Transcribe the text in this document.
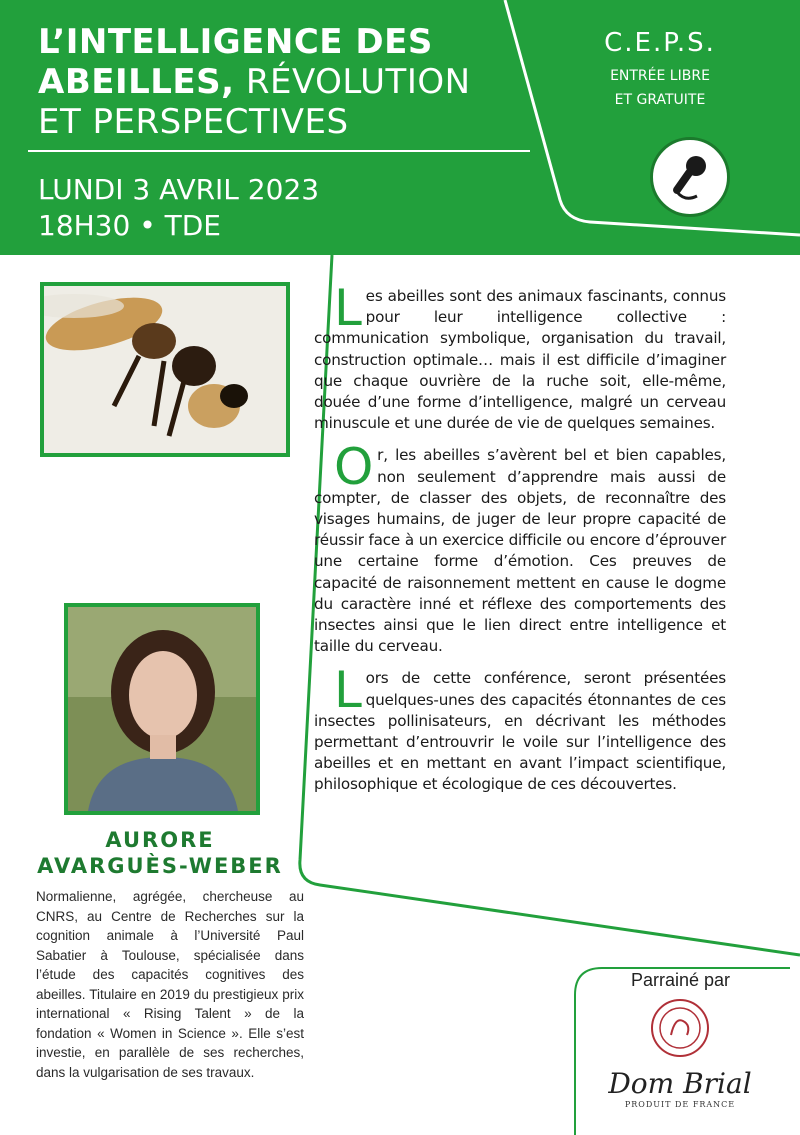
L’INTELLIGENCE DES
ABEILLES, RÉVOLUTION
ET PERSPECTIVES
LUNDI 3 AVRIL 2023
18H30 • TDE
C.E.P.S.
ENTRÉE LIBRE
ET GRATUITE
AURORE
AVARGUÈS-WEBER
Normalienne, agrégée, chercheuse au CNRS, au Centre de Recherches sur la cognition animale à l’Université Paul Sabatier à Toulouse, spécialisée dans l’étude des capacités cognitives des abeilles. Titulaire en 2019 du prestigieux prix international « Rising Talent » de la fondation « Women in Science ». Elle s’est investie, en parallèle de ses recherches, dans la vulgarisation de ses travaux.

Les abeilles sont des animaux fascinants, connus pour leur intelligence collective : communication symbolique, organisation du travail, construction optimale… mais il est difficile d’imaginer que chaque ouvrière de la ruche soit, elle-même, douée d’une forme d’intelligence, malgré un cerveau minuscule et une durée de vie de quelques semaines.

Or, les abeilles s’avèrent bel et bien capables, non seulement d’apprendre mais aussi de compter, de classer des objets, de reconnaître des visages humains, de juger de leur propre capacité de réussir face à un exercice difficile ou encore d’éprouver une certaine forme d’émotion. Ces preuves de capacité de raisonnement mettent en cause le dogme du caractère inné et réflexe des comportements des insectes ainsi que le lien direct entre intelligence et taille du cerveau.

Lors de cette conférence, seront présentées quelques-unes des capacités étonnantes de ces insectes pollinisateurs, en décrivant les méthodes permettant d’entrouvrir le voile sur l’intelligence des abeilles et en mettant en avant l’impact scientifique, philosophique et écologique de ces découvertes.

Parrainé par
Dom Brial
PRODUIT DE FRANCE
